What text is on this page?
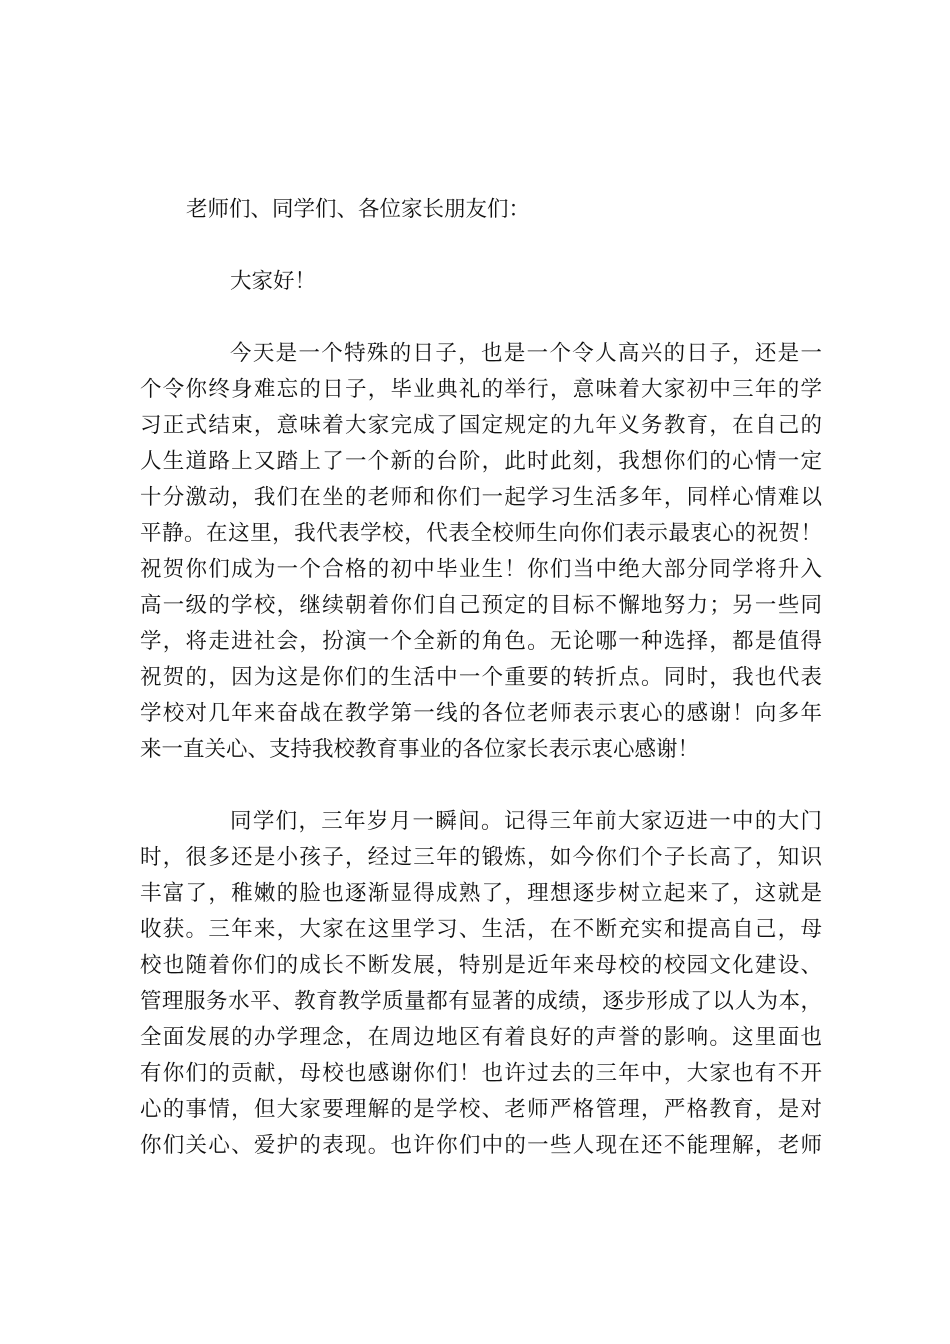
老师们、同学们、各位家长朋友们：
大家好！
今天是一个特殊的日子，也是一个令人高兴的日子，还是一
个令你终身难忘的日子，毕业典礼的举行，意味着大家初中三年的学
习正式结束，意味着大家完成了国定规定的九年义务教育，在自己的
人生道路上又踏上了一个新的台阶，此时此刻，我想你们的心情一定
十分激动，我们在坐的老师和你们一起学习生活多年，同样心情难以
平静。在这里，我代表学校，代表全校师生向你们表示最衷心的祝贺！
祝贺你们成为一个合格的初中毕业生！你们当中绝大部分同学将升入
高一级的学校，继续朝着你们自己预定的目标不懈地努力；另一些同
学，将走进社会，扮演一个全新的角色。无论哪一种选择，都是值得
祝贺的，因为这是你们的生活中一个重要的转折点。同时，我也代表
学校对几年来奋战在教学第一线的各位老师表示衷心的感谢！向多年
来一直关心、支持我校教育事业的各位家长表示衷心感谢！
同学们，三年岁月一瞬间。记得三年前大家迈进一中的大门
时，很多还是小孩子，经过三年的锻炼，如今你们个子长高了，知识
丰富了，稚嫩的脸也逐渐显得成熟了，理想逐步树立起来了，这就是
收获。三年来，大家在这里学习、生活，在不断充实和提高自己，母
校也随着你们的成长不断发展，特别是近年来母校的校园文化建设、
管理服务水平、教育教学质量都有显著的成绩，逐步形成了以人为本，
全面发展的办学理念，在周边地区有着良好的声誉的影响。这里面也
有你们的贡献，母校也感谢你们！也许过去的三年中，大家也有不开
心的事情，但大家要理解的是学校、老师严格管理，严格教育，是对
你们关心、爱护的表现。也许你们中的一些人现在还不能理解，老师
